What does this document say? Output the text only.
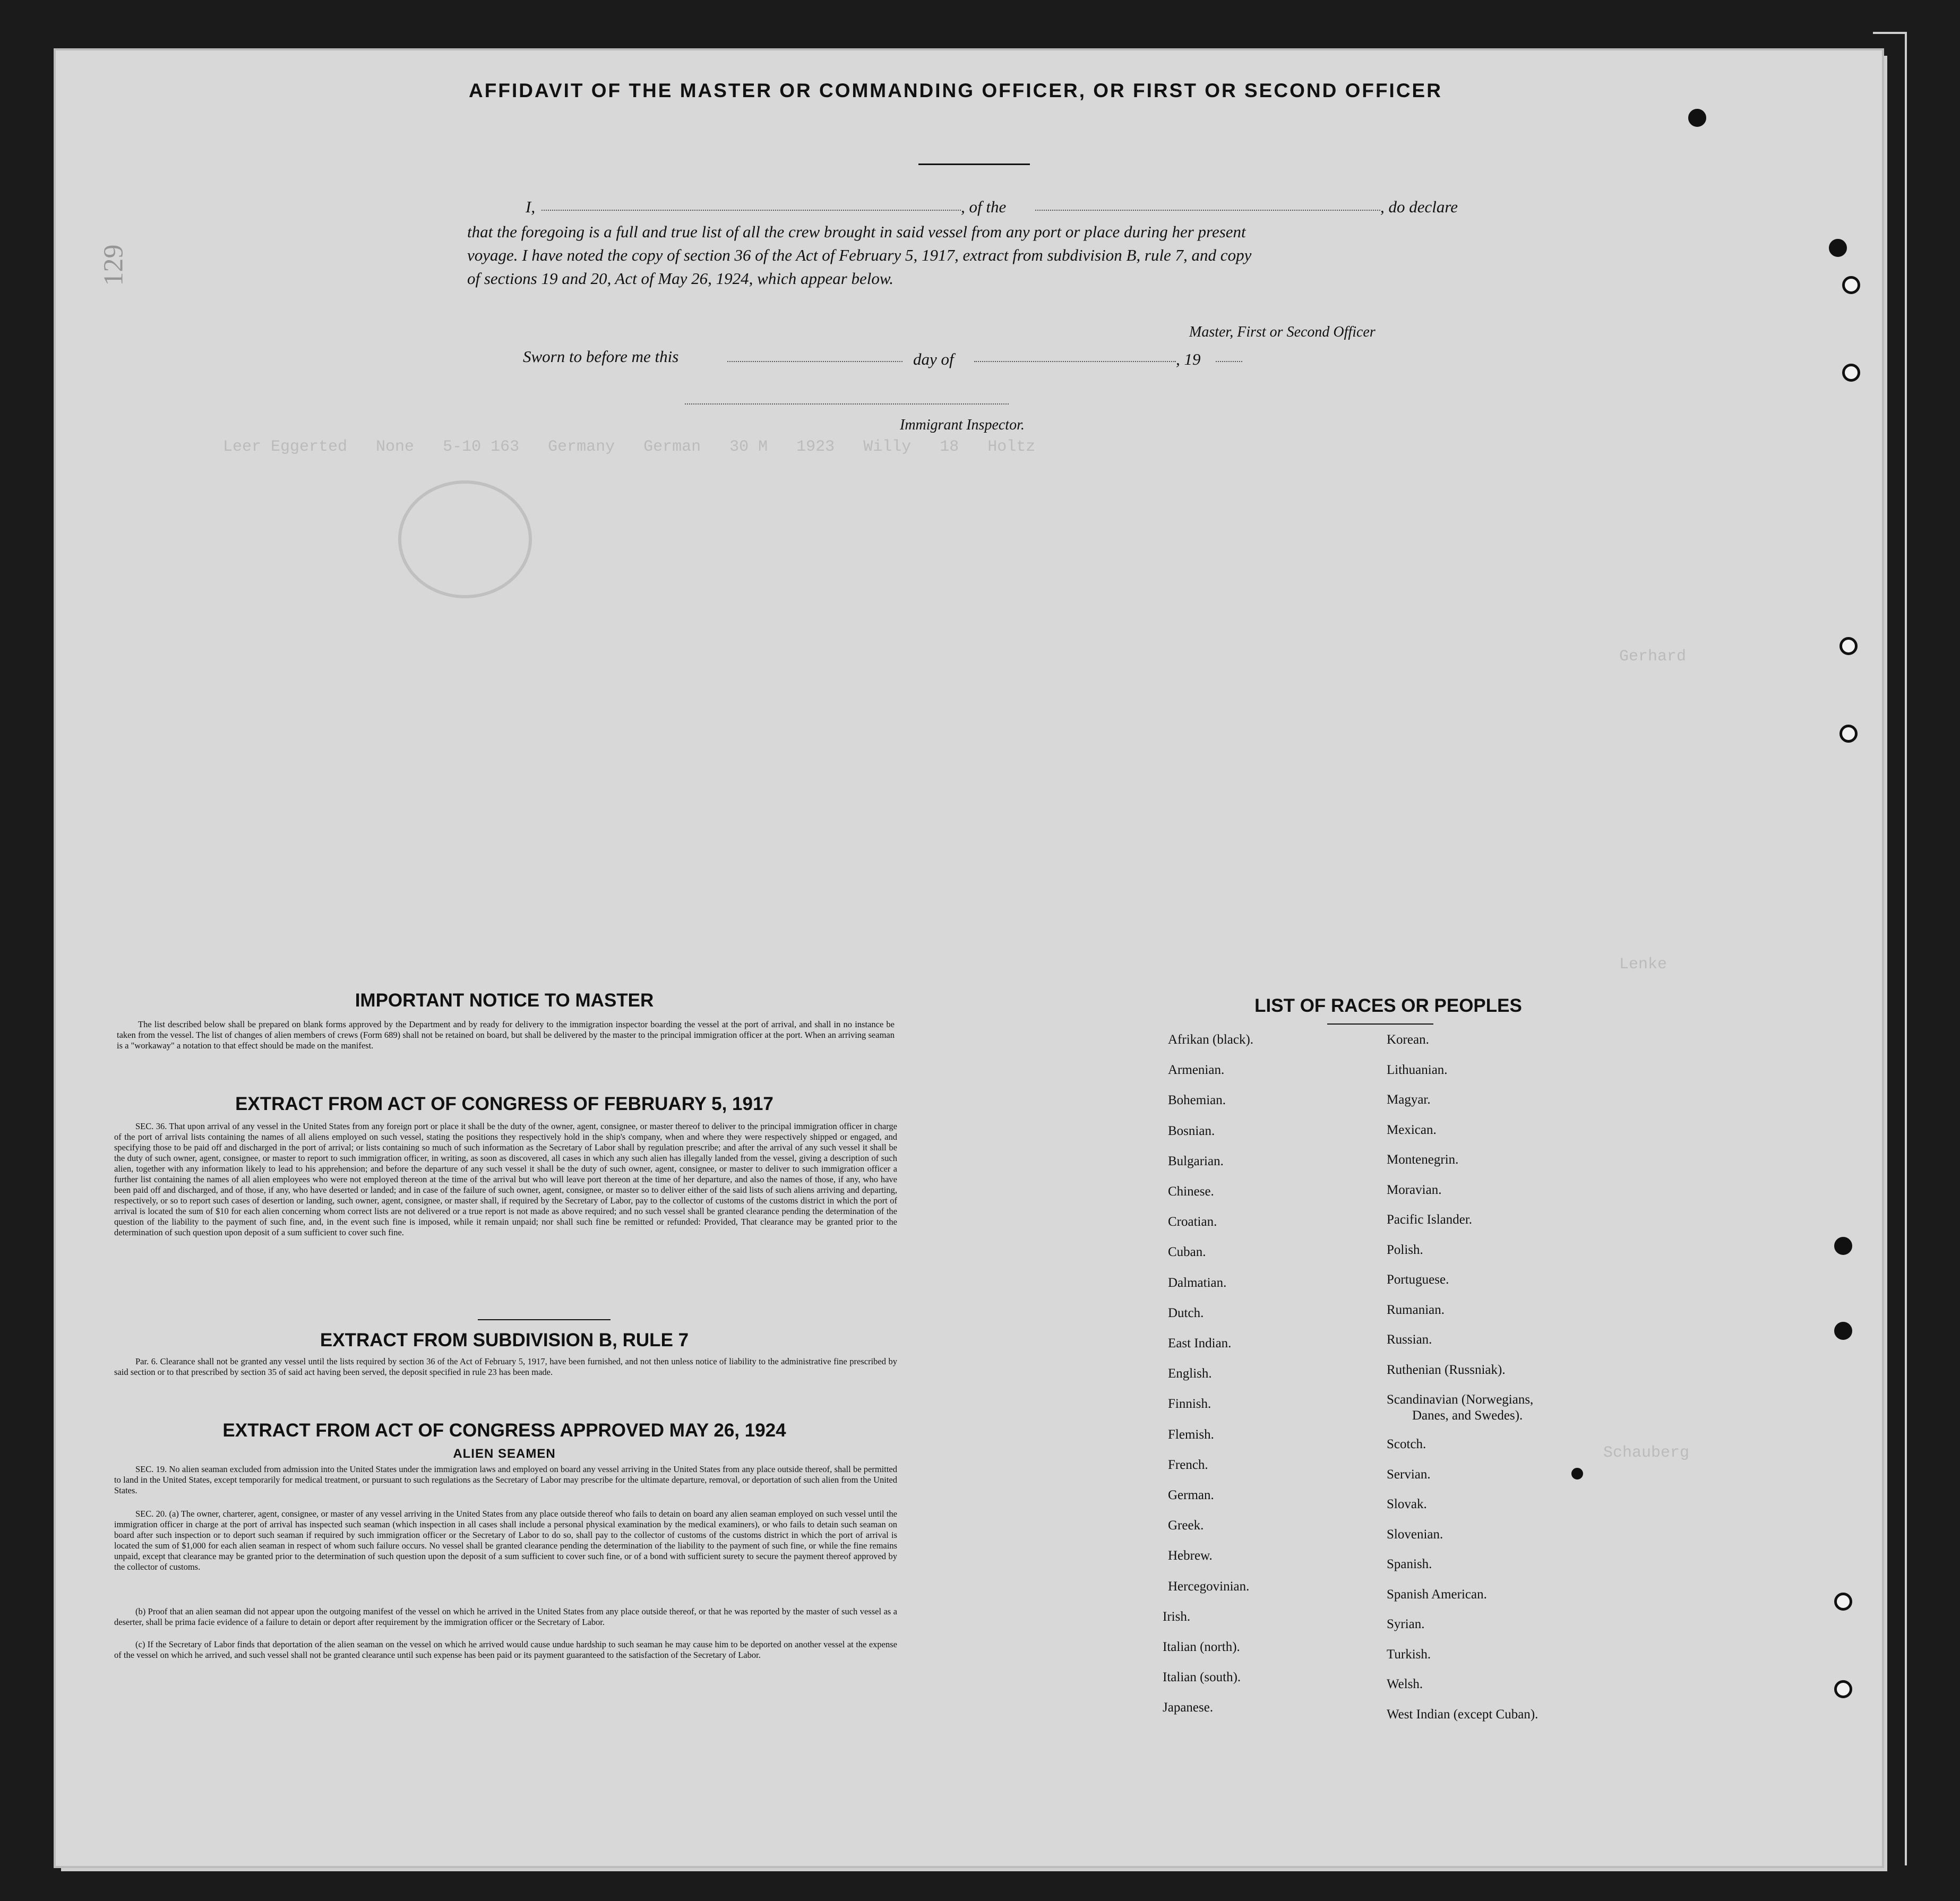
Leer Eggerted   None   5-10 163   Germany   German   30 M   1923   Willy   18   Holtz
Gerhard
Lenke
Schauberg
129
AFFIDAVIT OF THE MASTER OR COMMANDING OFFICER, OR FIRST OR SECOND OFFICER
I,	, of the	, do declare
that the foregoing is a full and true list of all the crew brought in said vessel from any port or place during her present
voyage. I have noted the copy of section 36 of the Act of February 5, 1917, extract from subdivision B, rule 7, and copy
of sections 19 and 20, Act of May 26, 1924, which appear below.
Master, First or Second Officer
Sworn to before me this	day of	, 19
Immigrant Inspector.
IMPORTANT NOTICE TO MASTER
The list described below shall be prepared on blank forms approved by the Department and by ready for delivery to the immigration inspector boarding the vessel at the port of arrival, and shall in no instance be taken from the vessel. The list of changes of alien members of crews (Form 689) shall not be retained on board, but shall be delivered by the master to the principal immigration officer at the port. When an arriving seaman is a "workaway" a notation to that effect should be made on the manifest.
EXTRACT FROM ACT OF CONGRESS OF FEBRUARY 5, 1917
SEC. 36. That upon arrival of any vessel in the United States from any foreign port or place it shall be the duty of the owner, agent, consignee, or master thereof to deliver to the principal immigration officer in charge of the port of arrival lists containing the names of all aliens employed on such vessel, stating the positions they respectively hold in the ship's company, when and where they were respectively shipped or engaged, and specifying those to be paid off and discharged in the port of arrival; or lists containing so much of such information as the Secretary of Labor shall by regulation prescribe; and after the arrival of any such vessel it shall be the duty of such owner, agent, consignee, or master to report to such immigration officer, in writing, as soon as discovered, all cases in which any such alien has illegally landed from the vessel, giving a description of such alien, together with any information likely to lead to his apprehension; and before the departure of any such vessel it shall be the duty of such owner, agent, consignee, or master to deliver to such immigration officer a further list containing the names of all alien employees who were not employed thereon at the time of the arrival but who will leave port thereon at the time of her departure, and also the names of those, if any, who have been paid off and discharged, and of those, if any, who have deserted or landed; and in case of the failure of such owner, agent, consignee, or master so to deliver either of the said lists of such aliens arriving and departing, respectively, or so to report such cases of desertion or landing, such owner, agent, consignee, or master shall, if required by the Secretary of Labor, pay to the collector of customs of the customs district in which the port of arrival is located the sum of $10 for each alien concerning whom correct lists are not delivered or a true report is not made as above required; and no such vessel shall be granted clearance pending the determination of the question of the liability to the payment of such fine, and, in the event such fine is imposed, while it remain unpaid; nor shall such fine be remitted or refunded: Provided, That clearance may be granted prior to the determination of such question upon deposit of a sum sufficient to cover such fine.
EXTRACT FROM SUBDIVISION B, RULE 7
Par. 6. Clearance shall not be granted any vessel until the lists required by section 36 of the Act of February 5, 1917, have been furnished, and not then unless notice of liability to the administrative fine prescribed by said section or to that prescribed by section 35 of said act having been served, the deposit specified in rule 23 has been made.
EXTRACT FROM ACT OF CONGRESS APPROVED MAY 26, 1924
ALIEN SEAMEN
SEC. 19. No alien seaman excluded from admission into the United States under the immigration laws and employed on board any vessel arriving in the United States from any place outside thereof, shall be permitted to land in the United States, except temporarily for medical treatment, or pursuant to such regulations as the Secretary of Labor may prescribe for the ultimate departure, removal, or deportation of such alien from the United States.
SEC. 20. (a) The owner, charterer, agent, consignee, or master of any vessel arriving in the United States from any place outside thereof who fails to detain on board any alien seaman employed on such vessel until the immigration officer in charge at the port of arrival has inspected such seaman (which inspection in all cases shall include a personal physical examination by the medical examiners), or who fails to detain such seaman on board after such inspection or to deport such seaman if required by such immigration officer or the Secretary of Labor to do so, shall pay to the collector of customs of the customs district in which the port of arrival is located the sum of $1,000 for each alien seaman in respect of whom such failure occurs. No vessel shall be granted clearance pending the determination of the liability to the payment of such fine, or while the fine remains unpaid, except that clearance may be granted prior to the determination of such question upon the deposit of a sum sufficient to cover such fine, or of a bond with sufficient surety to secure the payment thereof approved by the collector of customs.
(b) Proof that an alien seaman did not appear upon the outgoing manifest of the vessel on which he arrived in the United States from any place outside thereof, or that he was reported by the master of such vessel as a deserter, shall be prima facie evidence of a failure to detain or deport after requirement by the immigration officer or the Secretary of Labor.
(c) If the Secretary of Labor finds that deportation of the alien seaman on the vessel on which he arrived would cause undue hardship to such seaman he may cause him to be deported on another vessel at the expense of the vessel on which he arrived, and such vessel shall not be granted clearance until such expense has been paid or its payment guaranteed to the satisfaction of the Secretary of Labor.
LIST OF RACES OR PEOPLES
Afrikan (black).
Armenian.
Bohemian.
Bosnian.
Bulgarian.
Chinese.
Croatian.
Cuban.
Dalmatian.
Dutch.
East Indian.
English.
Finnish.
Flemish.
French.
German.
Greek.
Hebrew.
Hercegovinian.
Irish.
Italian (north).
Italian (south).
Japanese.
Korean.
Lithuanian.
Magyar.
Mexican.
Montenegrin.
Moravian.
Pacific Islander.
Polish.
Portuguese.
Rumanian.
Russian.
Ruthenian (Russniak).
Scandinavian (Norwegians,
Danes, and Swedes).
Scotch.
Servian.
Slovak.
Slovenian.
Spanish.
Spanish American.
Syrian.
Turkish.
Welsh.
West Indian (except Cuban).
